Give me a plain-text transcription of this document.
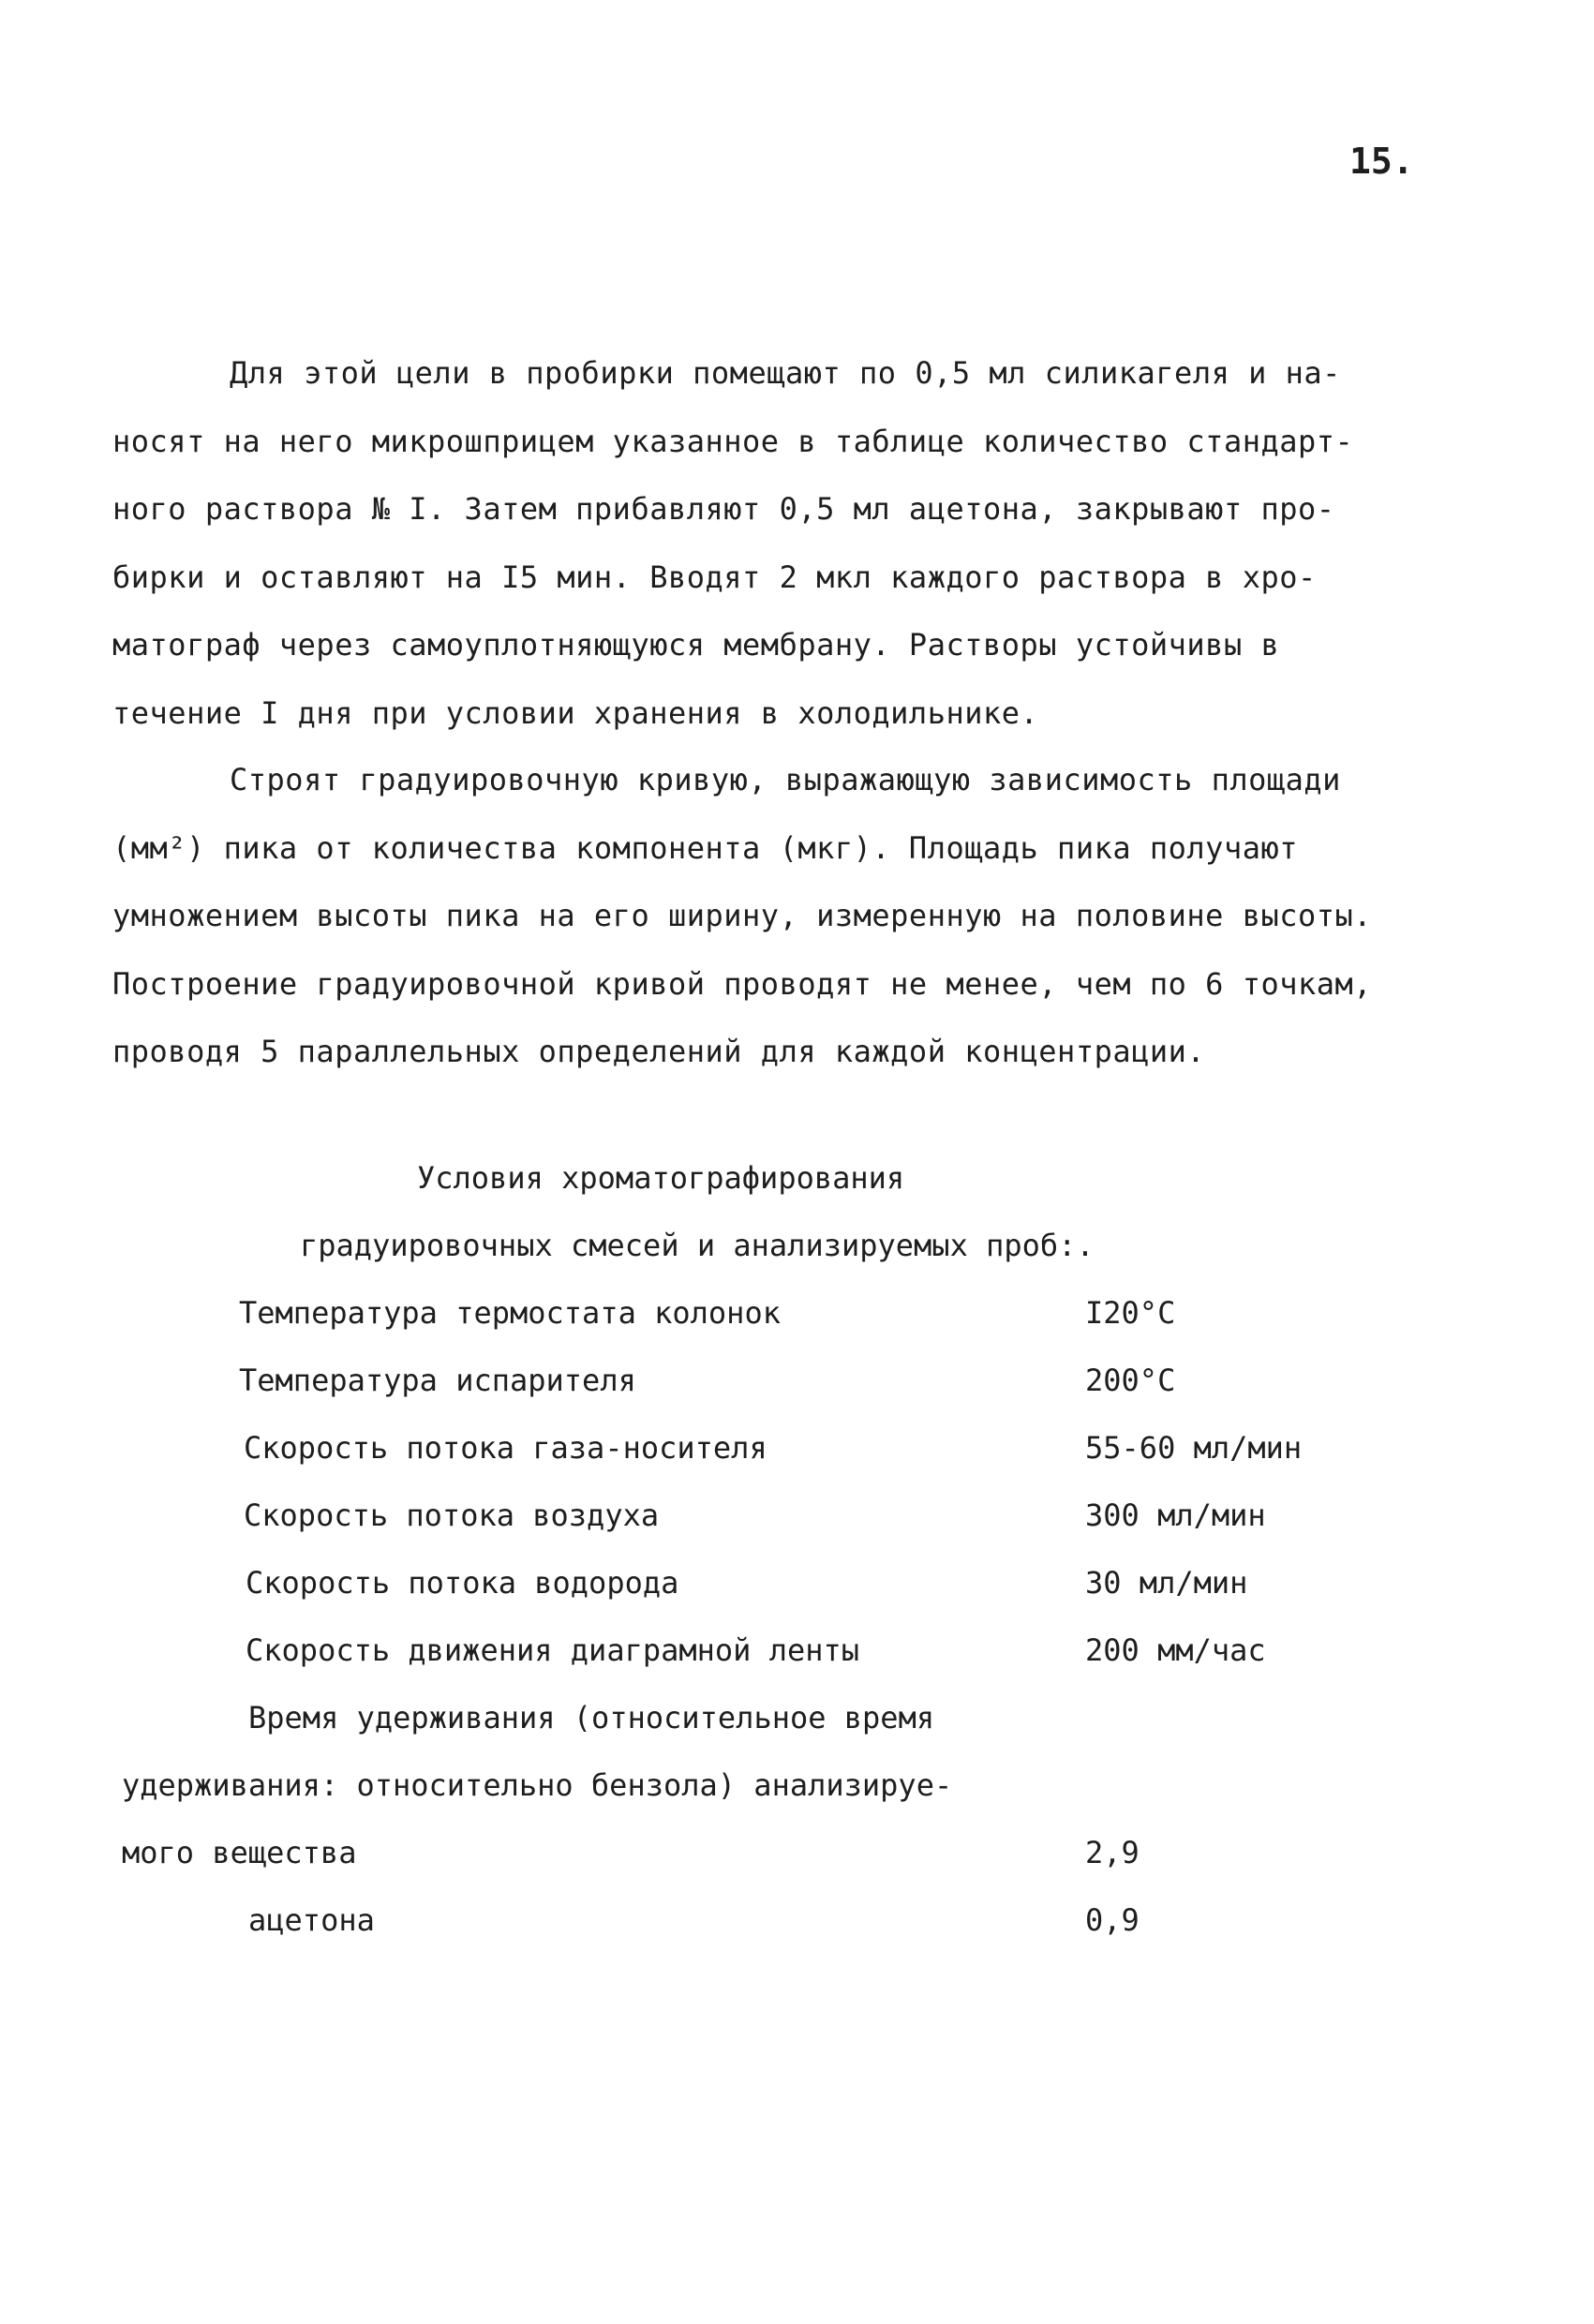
15.
Для этой цели в пробирки помещают по 0,5 мл силикагеля и на-
носят на него микрошприцем указанное в таблице количество стандарт-
ного раствора № I. Затем прибавляют 0,5 мл ацетона, закрывают про-
бирки и оставляют на I5 мин. Вводят 2 мкл каждого раствора в хро-
матограф через самоуплотняющуюся мембрану. Растворы устойчивы в
течение I дня при условии хранения в холодильнике.
Строят градуировочную кривую, выражающую зависимость площади
(мм²) пика от количества компонента (мкг). Площадь пика получают
умножением высоты пика на его ширину, измеренную на половине высоты.
Построение градуировочной кривой проводят не менее, чем по 6 точкам,
проводя 5 параллельных определений для каждой концентрации.
Условия хроматографирования
градуировочных смесей и анализируемых проб:.
Температура термостата колонок	I20°C
Температура испарителя	200°C
Скорость потока газа-носителя	55-60 мл/мин
Скорость потока воздуха	300 мл/мин
Скорость потока водорода	30 мл/мин
Скорость движения диаграмной ленты	200 мм/час
Время удерживания (относительное время
удерживания: относительно бензола) анализируе-
мого вещества	2,9
ацетона	0,9
